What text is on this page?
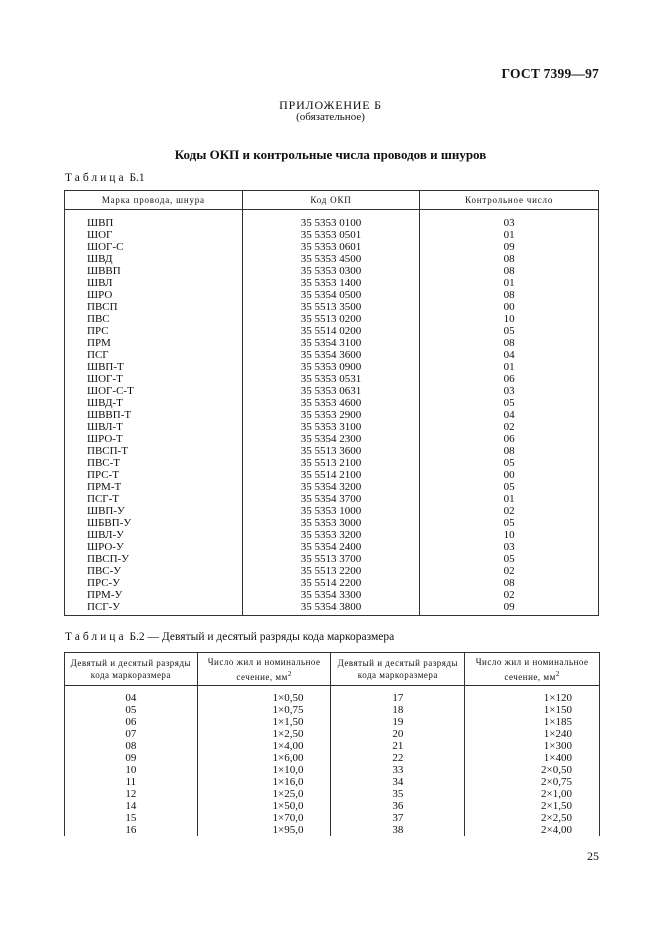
ГОСТ 7399—97
ПРИЛОЖЕНИЕ Б
(обязательное)
Коды ОКП и контрольные числа проводов и шнуров
Таблица Б.1
Марка провода, шнура	Код ОКП	Контрольное число

ШВП	35 5353 0100	03
ШОГ	35 5353 0501	01
ШОГ-С	35 5353 0601	09
ШВД	35 5353 4500	08
ШВВП	35 5353 0300	08
ШВЛ	35 5353 1400	01
ШРО	35 5354 0500	08
ПВСП	35 5513 3500	00
ПВС	35 5513 0200	10
ПРС	35 5514 0200	05
ПРМ	35 5354 3100	08
ПСГ	35 5354 3600	04
ШВП-Т	35 5353 0900	01
ШОГ-Т	35 5353 0531	06
ШОГ-С-Т	35 5353 0631	03
ШВД-Т	35 5353 4600	05
ШВВП-Т	35 5353 2900	04
ШВЛ-Т	35 5353 3100	02
ШРО-Т	35 5354 2300	06
ПВСП-Т	35 5513 3600	08
ПВС-Т	35 5513 2100	05
ПРС-Т	35 5514 2100	00
ПРМ-Т	35 5354 3200	05
ПСГ-Т	35 5354 3700	01
ШВП-У	35 5353 1000	02
ШБВП-У	35 5353 3000	05
ШВЛ-У	35 5353 3200	10
ШРО-У	35 5354 2400	03
ПВСП-У	35 5513 3700	05
ПВС-У	35 5513 2200	02
ПРС-У	35 5514 2200	08
ПРМ-У	35 5354 3300	02
ПСГ-У	35 5354 3800	09
Таблица Б.2 — Девятый и десятый разряды кода маркоразмера
Девятый и десятый разряды кода маркоразмера	Число жил и номинальное сечение, $мм^2$	Девятый и десятый разряды кода маркоразмера	Число жил и номинальное сечение, $мм^2$

04	1×0,50	17	1×120
05	1×0,75	18	1×150
06	1×1,50	19	1×185
07	1×2,50	20	1×240
08	1×4,00	21	1×300
09	1×6,00	22	1×400
10	1×10,0	33	2×0,50
11	1×16,0	34	2×0,75
12	1×25,0	35	2×1,00
14	1×50,0	36	2×1,50
15	1×70,0	37	2×2,50
16	1×95,0	38	2×4,00
25
